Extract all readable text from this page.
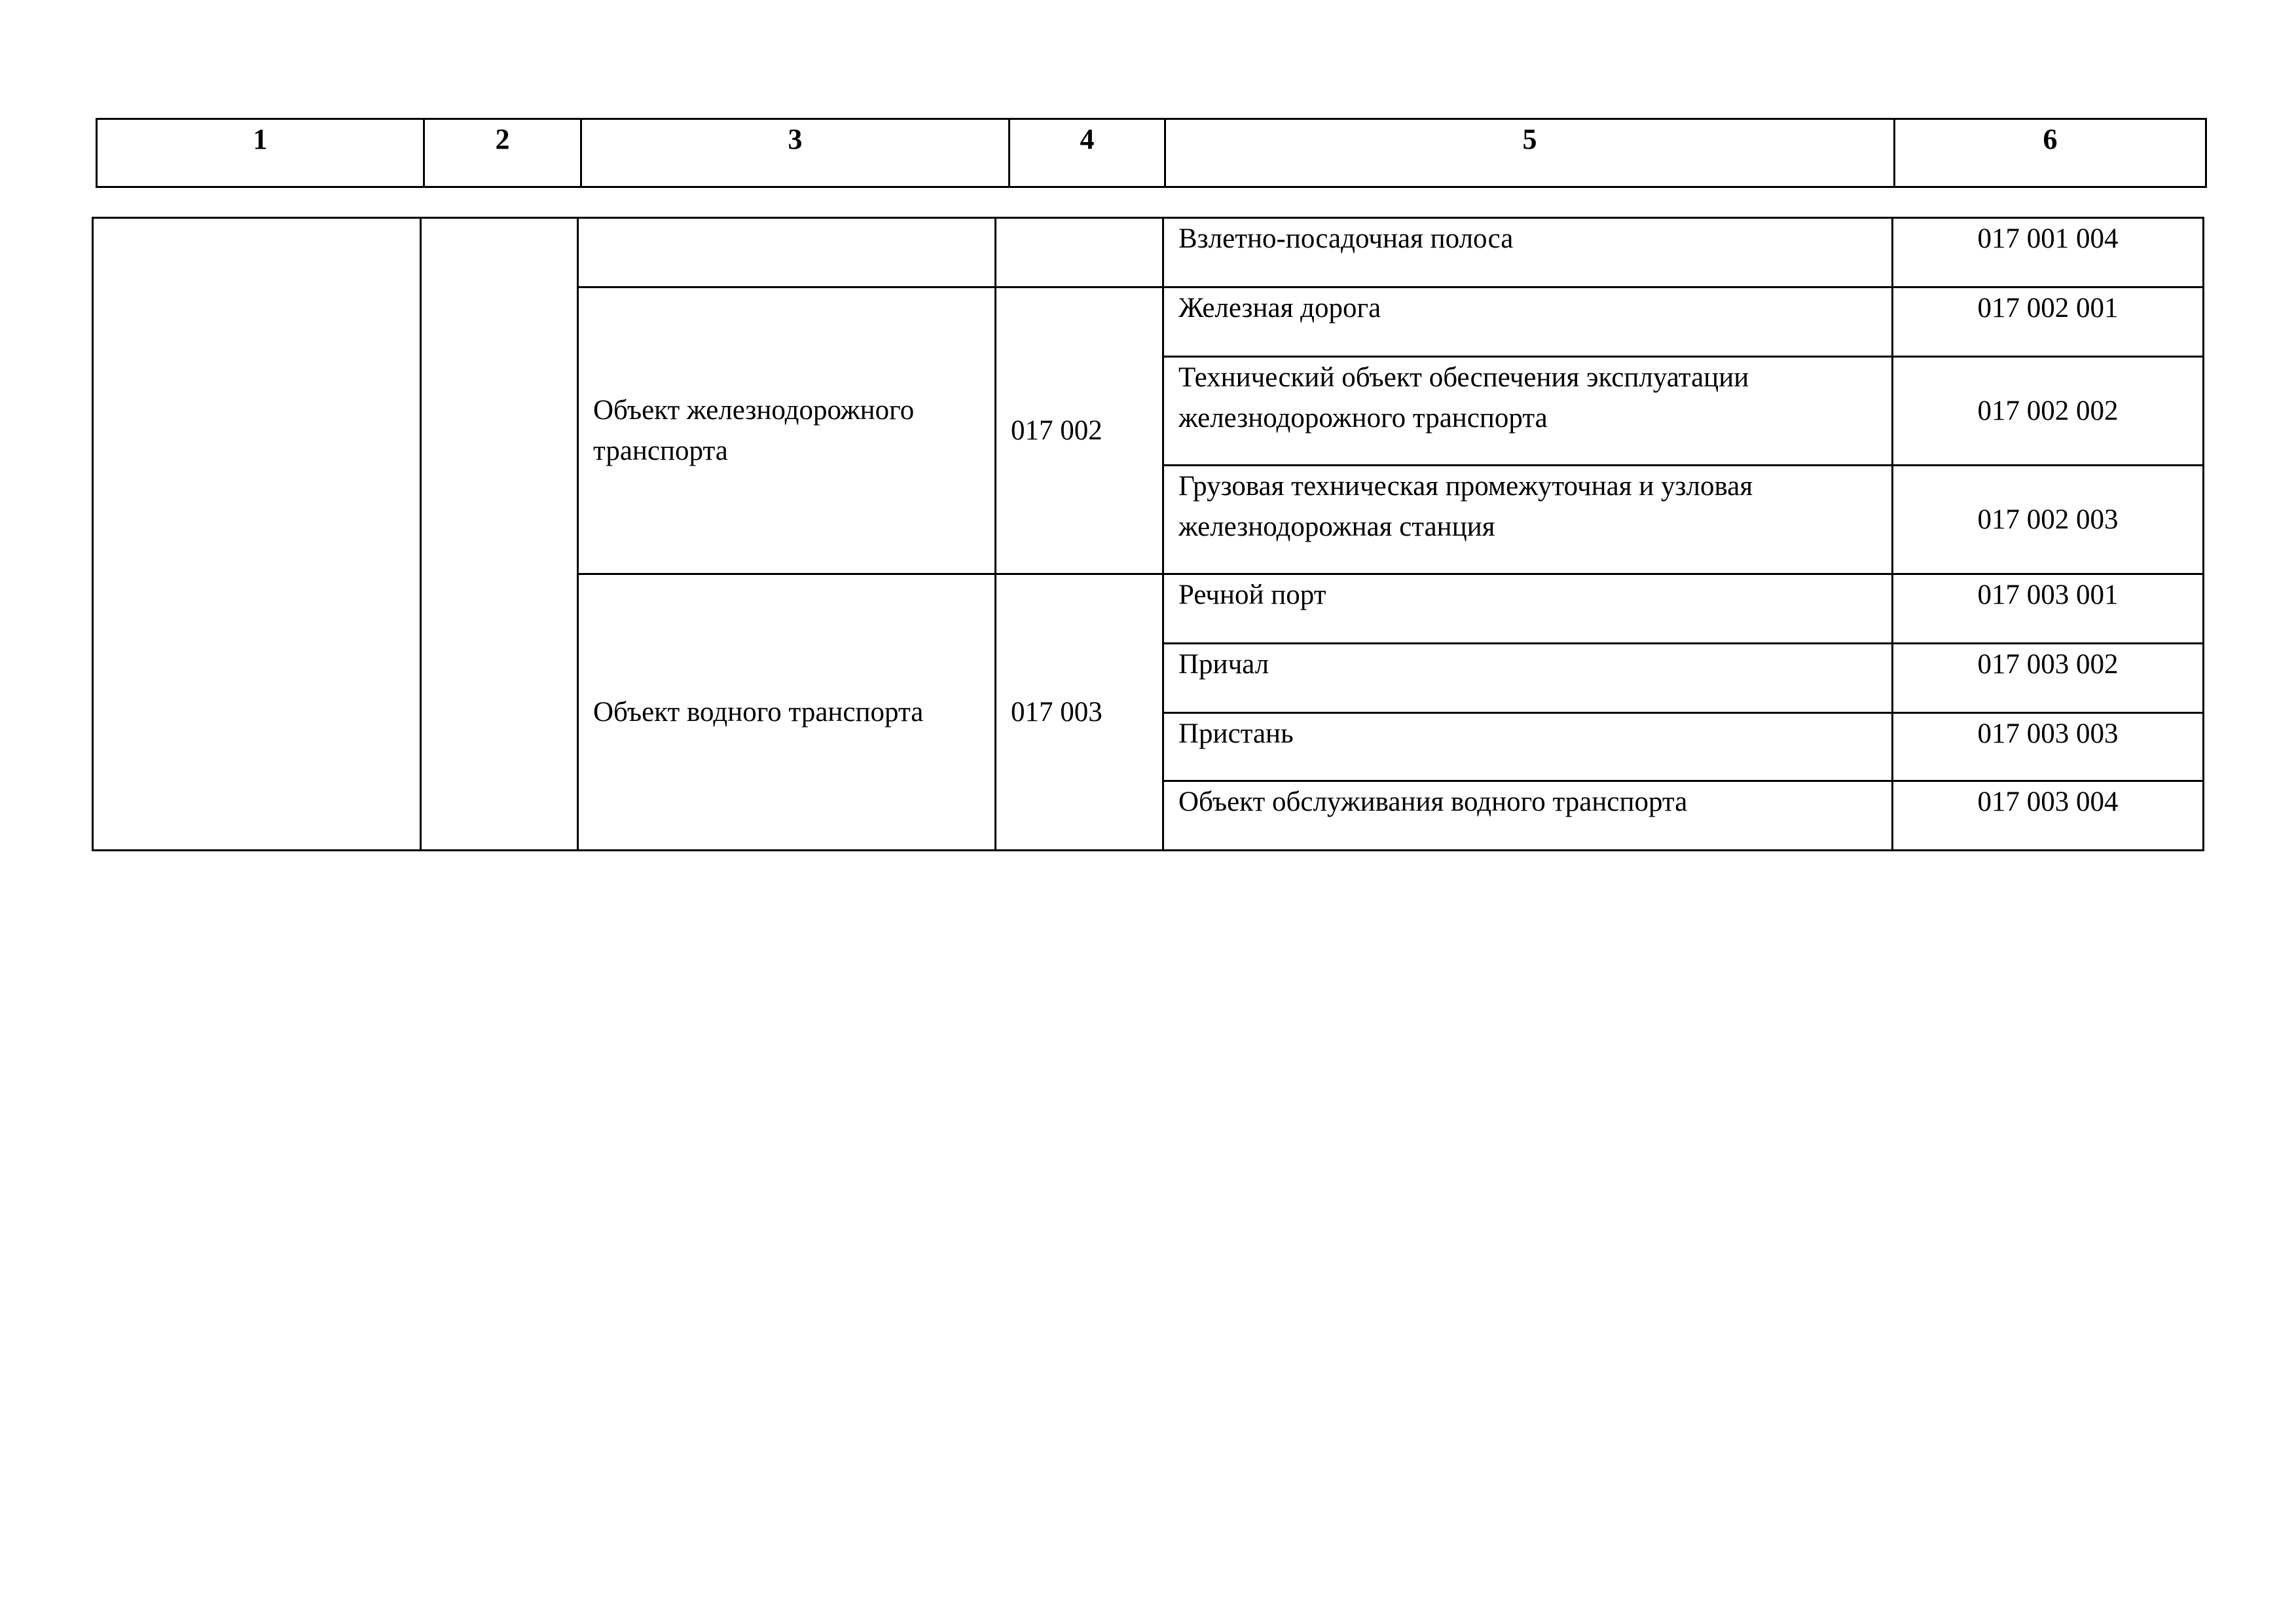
1	2	3	4	5	6
				Взлетно-посадочная полоса	017 001 004
		Объект железнодорожного транспорта	017 002	Железная дорога	017 002 001
				Технический объект обеспечения эксплуатации железнодорожного транспорта	017 002 002
				Грузовая техническая промежуточная и узловая железнодорожная станция	017 002 003
		Объект водного транспорта	017 003	Речной порт	017 003 001
				Причал	017 003 002
				Пристань	017 003 003
				Объект обслуживания водного транспорта	017 003 004
